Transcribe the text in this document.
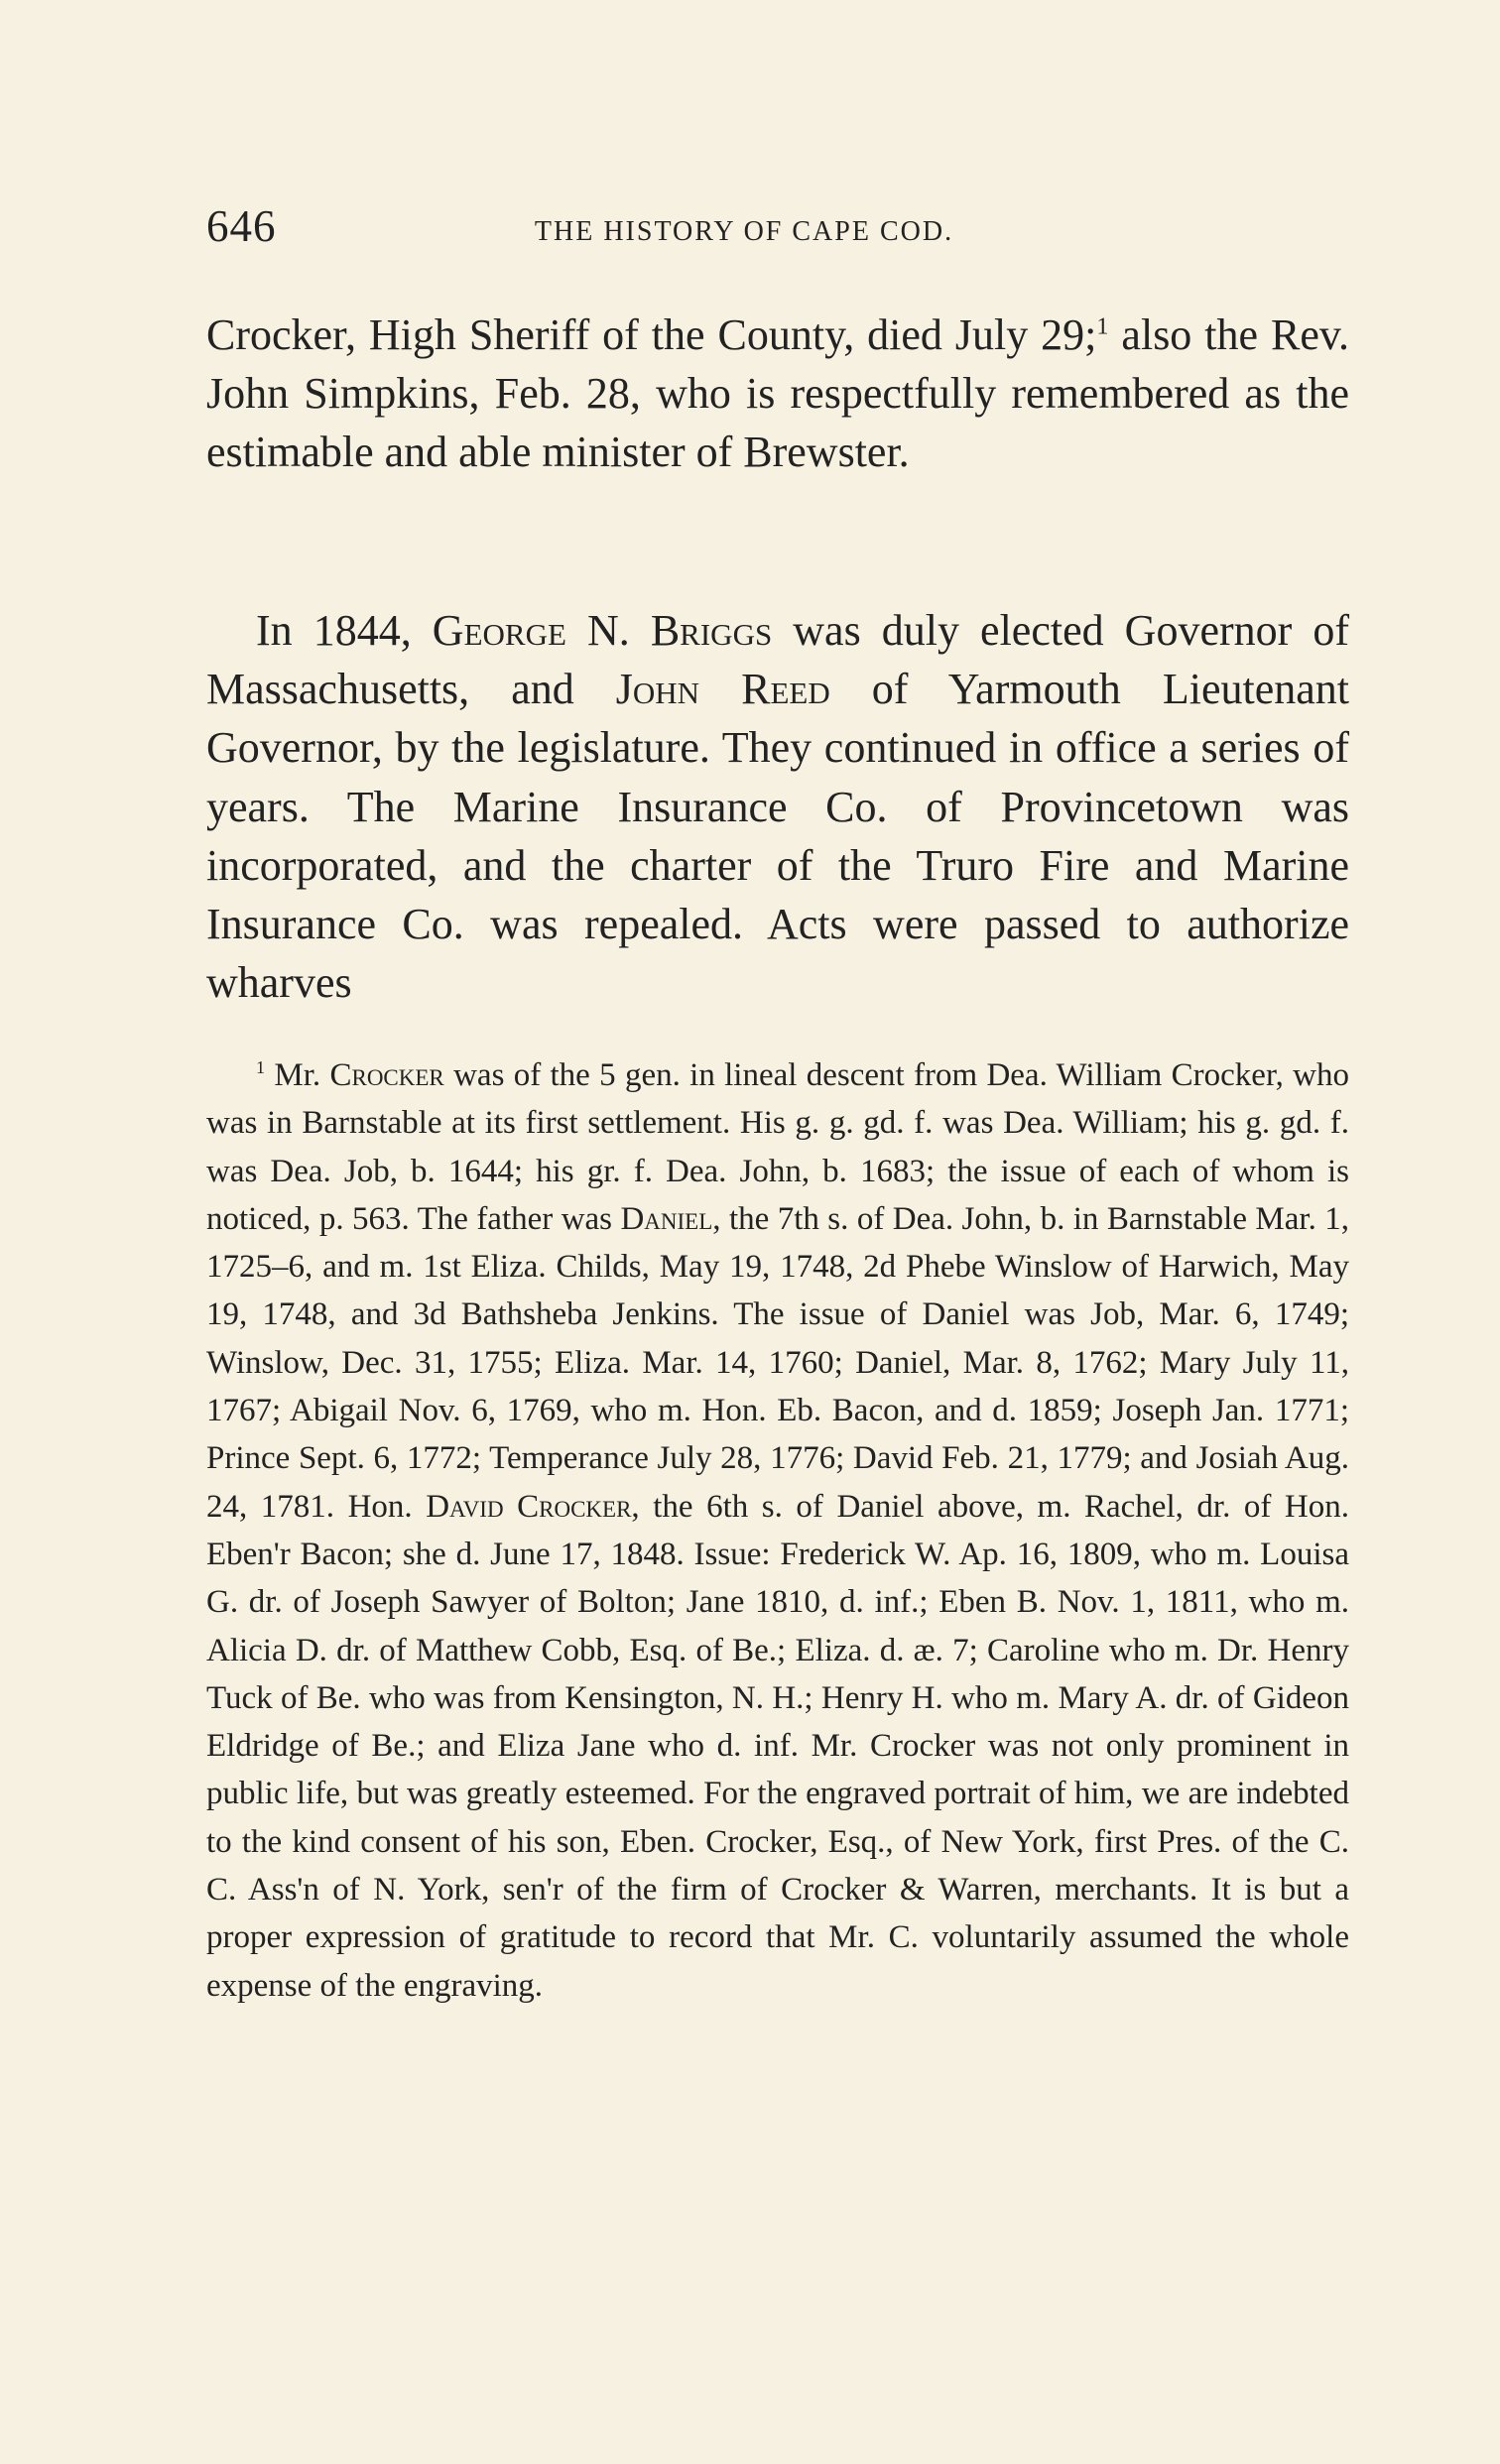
646	THE HISTORY OF CAPE COD.

Crocker, High Sheriff of the County, died July 29;$^1$ also the Rev. John Simpkins, Feb. 28, who is respectfully remembered as the estimable and able minister of Brewster.

In 1844, George N. Briggs was duly elected Governor of Massachusetts, and John Reed of Yarmouth Lieutenant Governor, by the legislature. They continued in office a series of years. The Marine Insurance Co. of Provincetown was incorporated, and the charter of the Truro Fire and Marine Insurance Co. was repealed. Acts were passed to authorize wharves

$^1$ Mr. Crocker was of the 5 gen. in lineal descent from Dea. William Crocker, who was in Barnstable at its first settlement. His g. g. gd. f. was Dea. William; his g. gd. f. was Dea. Job, b. 1644; his gr. f. Dea. John, b. 1683; the issue of each of whom is noticed, p. 563. The father was Daniel, the 7th s. of Dea. John, b. in Barnstable Mar. 1, 1725–6, and m. 1st Eliza. Childs, May 19, 1748, 2d Phebe Winslow of Harwich, May 19, 1748, and 3d Bathsheba Jenkins. The issue of Daniel was Job, Mar. 6, 1749; Winslow, Dec. 31, 1755; Eliza. Mar. 14, 1760; Daniel, Mar. 8, 1762; Mary July 11, 1767; Abigail Nov. 6, 1769, who m. Hon. Eb. Bacon, and d. 1859; Joseph Jan. 1771; Prince Sept. 6, 1772; Temperance July 28, 1776; David Feb. 21, 1779; and Josiah Aug. 24, 1781. Hon. David Crocker, the 6th s. of Daniel above, m. Rachel, dr. of Hon. Eben'r Bacon; she d. June 17, 1848. Issue: Frederick W. Ap. 16, 1809, who m. Louisa G. dr. of Joseph Sawyer of Bolton; Jane 1810, d. inf.; Eben B. Nov. 1, 1811, who m. Alicia D. dr. of Matthew Cobb, Esq. of Be.; Eliza. d. æ. 7; Caroline who m. Dr. Henry Tuck of Be. who was from Kensington, N. H.; Henry H. who m. Mary A. dr. of Gideon Eldridge of Be.; and Eliza Jane who d. inf. Mr. Crocker was not only prominent in public life, but was greatly esteemed. For the engraved portrait of him, we are indebted to the kind consent of his son, Eben. Crocker, Esq., of New York, first Pres. of the C. C. Ass'n of N. York, sen'r of the firm of Crocker & Warren, merchants. It is but a proper expression of gratitude to record that Mr. C. voluntarily assumed the whole expense of the engraving.
